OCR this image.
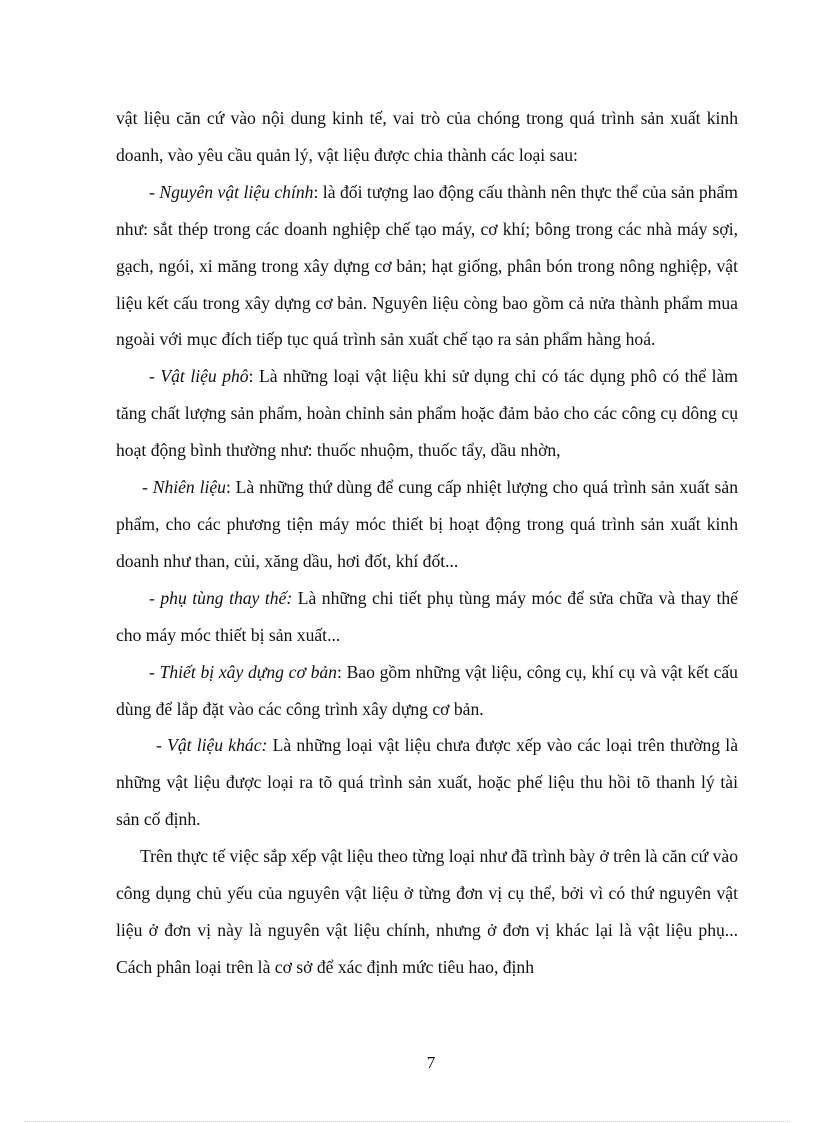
vật liệu căn cứ vào nội dung kinh tế, vai trò của chóng trong quá trình sản xuất kinh doanh, vào yêu cầu quản lý, vật liệu được chia thành các loại sau:

- Nguyên vật liệu chính: là đối tượng lao động cấu thành nên thực thể của sản phẩm như: sắt thép trong các doanh nghiệp chế tạo máy, cơ khí; bông trong các nhà máy sợi, gạch, ngói, xi măng trong xây dựng cơ bản; hạt giống, phân bón trong nông nghiệp, vật liệu kết cấu trong xây dựng cơ bản. Nguyên liệu còng bao gồm cả nửa thành phẩm mua ngoài với mục đích tiếp tục quá trình sản xuất chế tạo ra sản phẩm hàng hoá.

- Vật liệu phô: Là những loại vật liệu khi sử dụng chỉ có tác dụng phô có thể làm tăng chất lượng sản phẩm, hoàn chỉnh sản phẩm hoặc đảm bảo cho các công cụ dông cụ hoạt động bình thường như: thuốc nhuộm, thuốc tẩy, dầu nhờn,

- Nhiên liệu: Là những thứ dùng để cung cấp nhiệt lượng cho quá trình sản xuất sản phẩm, cho các phương tiện máy móc thiết bị hoạt động trong quá trình sản xuất kinh doanh như than, củi, xăng dầu, hơi đốt, khí đốt...

- phụ tùng thay thế: Là những chi tiết phụ tùng máy móc để sửa chữa và thay thế cho máy móc thiết bị sản xuất...

- Thiết bị xây dựng cơ bản: Bao gồm những vật liệu, công cụ, khí cụ và vật kết cấu dùng để lắp đặt vào các công trình xây dựng cơ bản.

- Vật liệu khác: Là những loại vật liệu chưa được xếp vào các loại trên thường là những vật liệu được loại ra tõ quá trình sản xuất, hoặc phế liệu thu hồi tõ thanh lý tài sản cố định.

Trên thực tế việc sắp xếp vật liệu theo từng loại như đã trình bày ở trên là căn cứ vào công dụng chủ yếu của nguyên vật liệu ở từng đơn vị cụ thể, bởi vì có thứ nguyên vật liệu ở đơn vị này là nguyên vật liệu chính, nhưng ở đơn vị khác lại là vật liệu phụ... Cách phân loại trên là cơ sở để xác định mức tiêu hao, định

7
